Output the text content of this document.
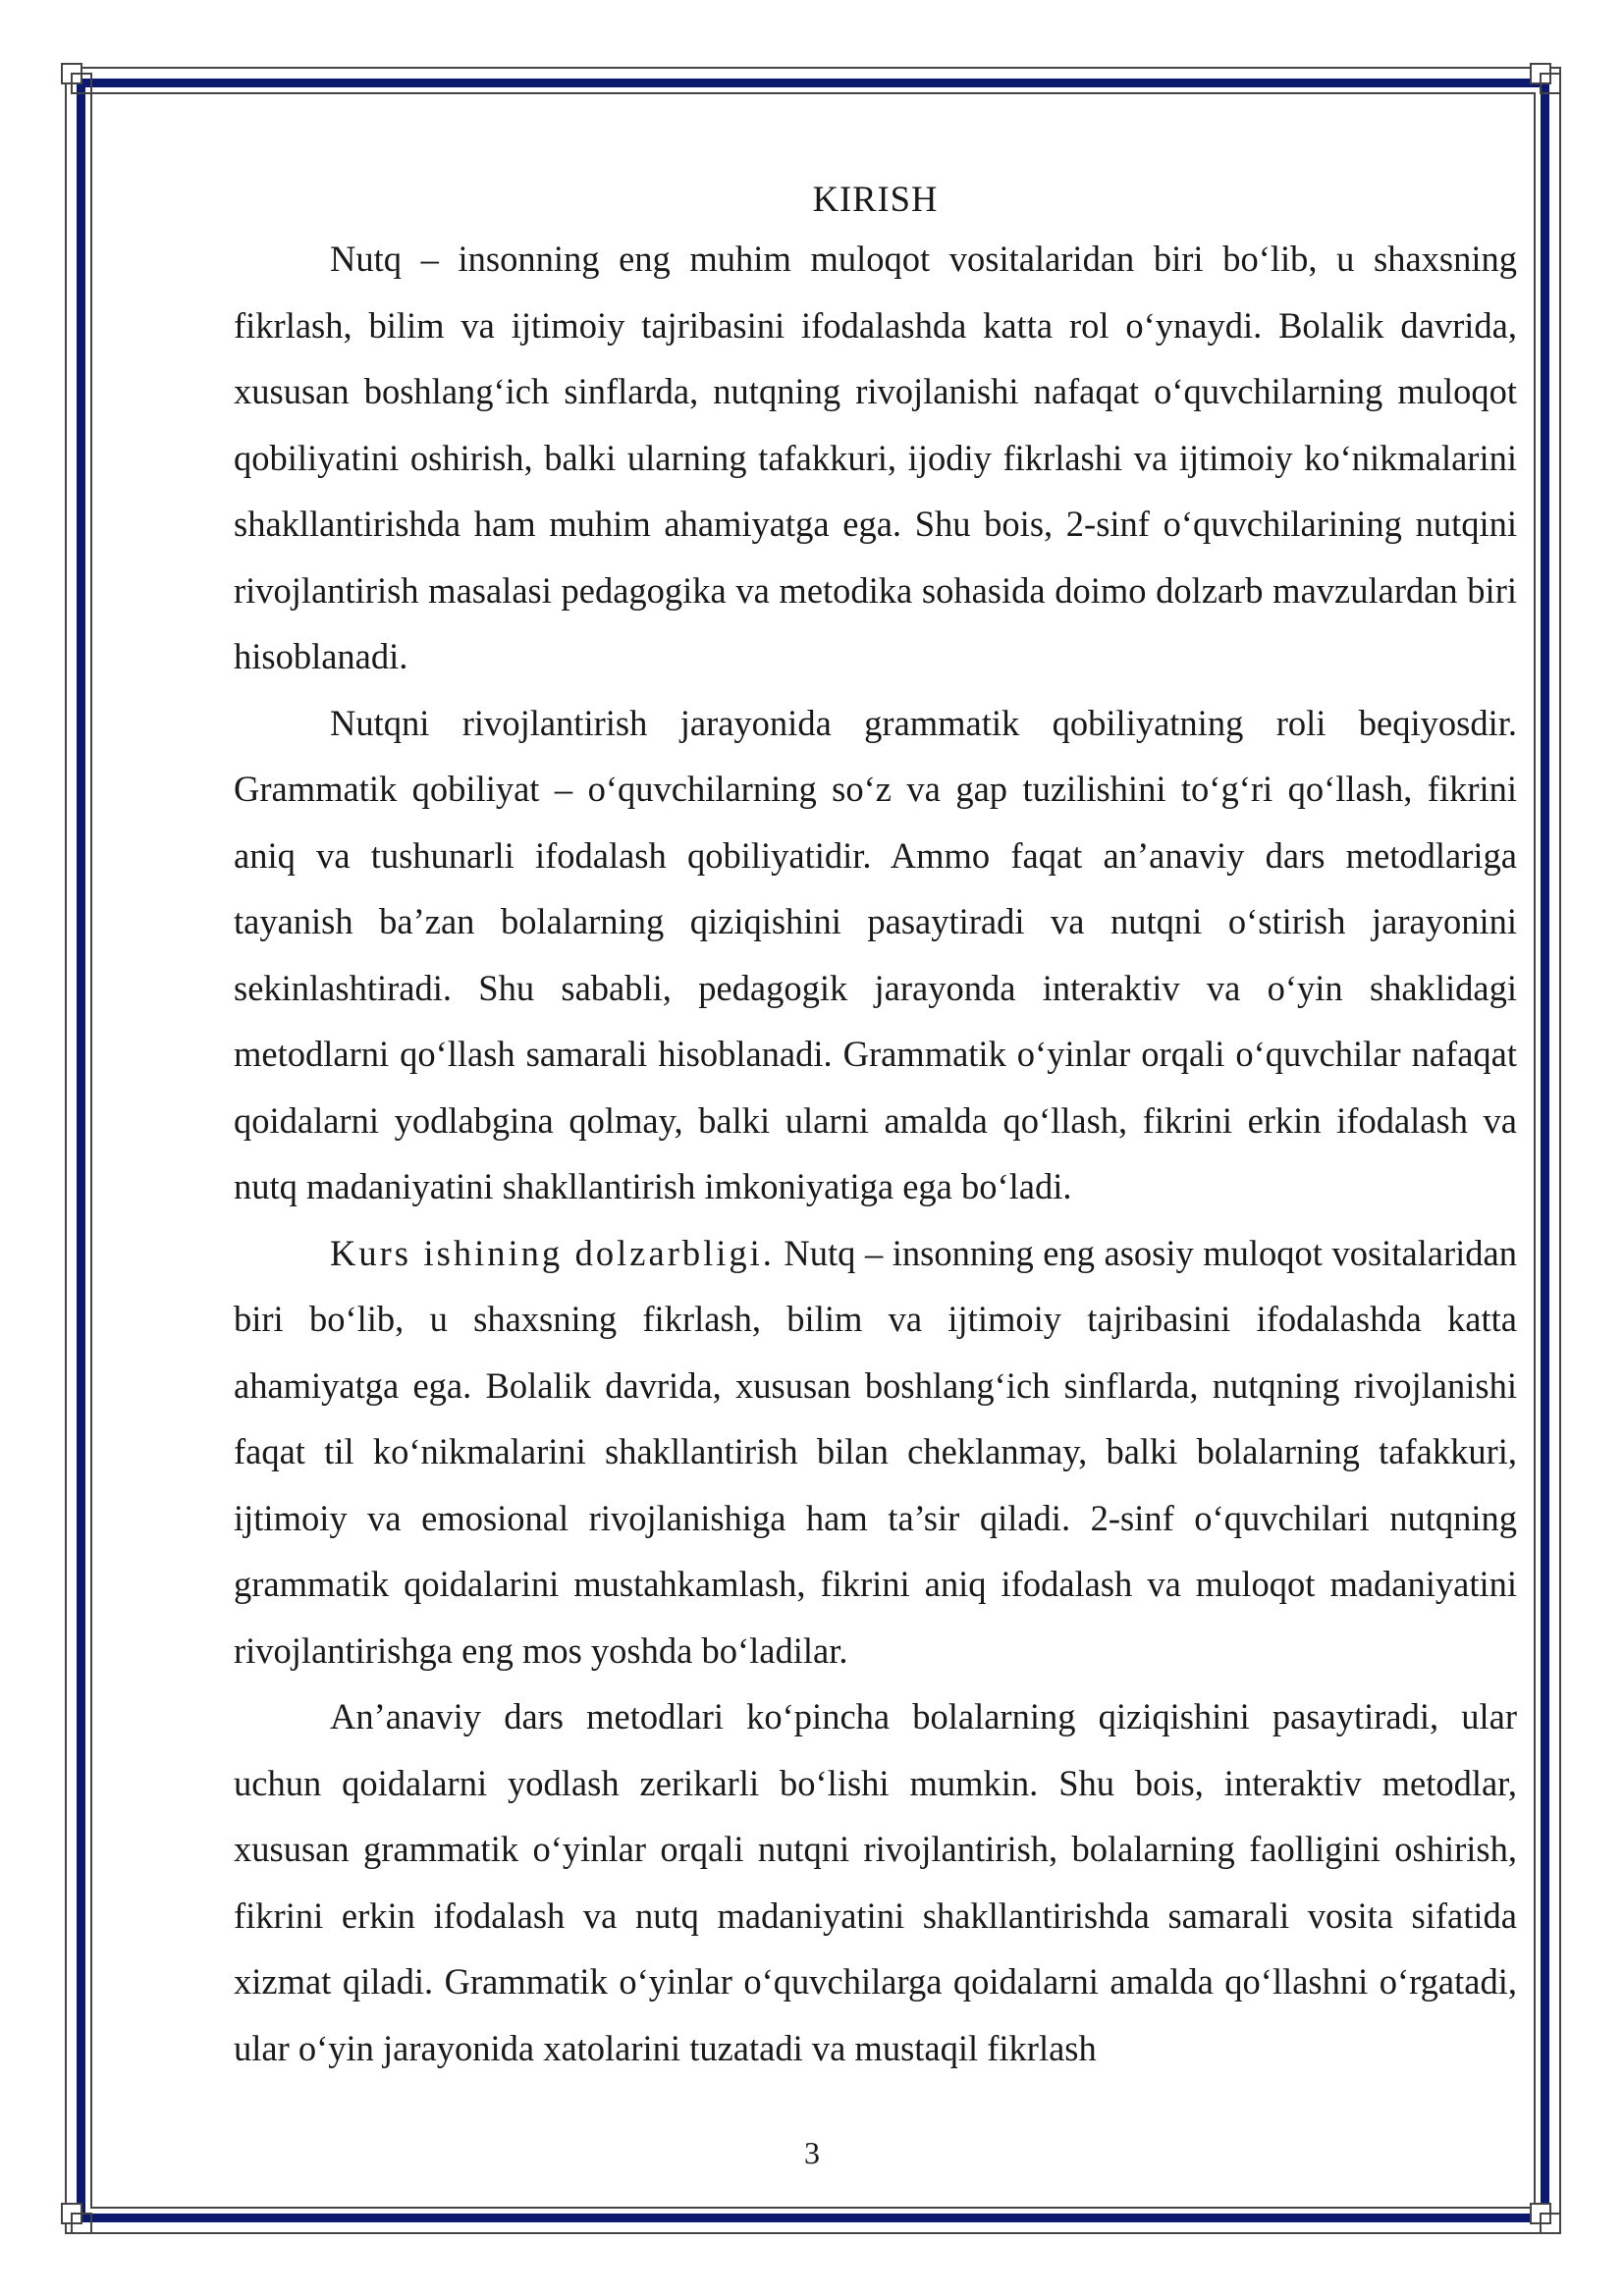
KIRISH

Nutq – insonning eng muhim muloqot vositalaridan biri bo‘lib, u shaxsning fikrlash, bilim va ijtimoiy tajribasini ifodalashda katta rol o‘ynaydi. Bolalik davrida, xususan boshlang‘ich sinflarda, nutqning rivojlanishi nafaqat o‘quvchilarning muloqot qobiliyatini oshirish, balki ularning tafakkuri, ijodiy fikrlashi va ijtimoiy ko‘nikmalarini shakllantirishda ham muhim ahamiyatga ega. Shu bois, 2-sinf o‘quvchilarining nutqini rivojlantirish masalasi pedagogika va metodika sohasida doimo dolzarb mavzulardan biri hisoblanadi.

Nutqni rivojlantirish jarayonida grammatik qobiliyatning roli beqiyosdir. Grammatik qobiliyat – o‘quvchilarning so‘z va gap tuzilishini to‘g‘ri qo‘llash, fikrini aniq va tushunarli ifodalash qobiliyatidir. Ammo faqat an’anaviy dars metodlariga tayanish ba’zan bolalarning qiziqishini pasaytiradi va nutqni o‘stirish jarayonini sekinlashtiradi. Shu sababli, pedagogik jarayonda interaktiv va o‘yin shaklidagi metodlarni qo‘llash samarali hisoblanadi. Grammatik o‘yinlar orqali o‘quvchilar nafaqat qoidalarni yodlabgina qolmay, balki ularni amaldа qo‘llash, fikrini erkin ifodalash va nutq madaniyatini shakllantirish imkoniyatiga ega bo‘ladi.

Kurs ishining dolzarbligi. Nutq – insonning eng asosiy muloqot vositalaridan biri bo‘lib, u shaxsning fikrlash, bilim va ijtimoiy tajribasini ifodalashda katta ahamiyatga ega. Bolalik davrida, xususan boshlang‘ich sinflarda, nutqning rivojlanishi faqat til ko‘nikmalarini shakllantirish bilan cheklanmay, balki bolalarning tafakkuri, ijtimoiy va emosional rivojlanishiga ham ta’sir qiladi. 2-sinf o‘quvchilari nutqning grammatik qoidalarini mustahkamlash, fikrini aniq ifodalash va muloqot madaniyatini rivojlantirishga eng mos yoshda bo‘ladilar.

An’anaviy dars metodlari ko‘pincha bolalarning qiziqishini pasaytiradi, ular uchun qoidalarni yodlash zerikarli bo‘lishi mumkin. Shu bois, interaktiv metodlar, xususan grammatik o‘yinlar orqali nutqni rivojlantirish, bolalarning faolligini oshirish, fikrini erkin ifodalash va nutq madaniyatini shakllantirishda samarali vosita sifatida xizmat qiladi. Grammatik o‘yinlar o‘quvchilarga qoidalarni amaldа qo‘llashni o‘rgatadi, ular o‘yin jarayonida xatolarini tuzatadi va mustaqil fikrlash

3
